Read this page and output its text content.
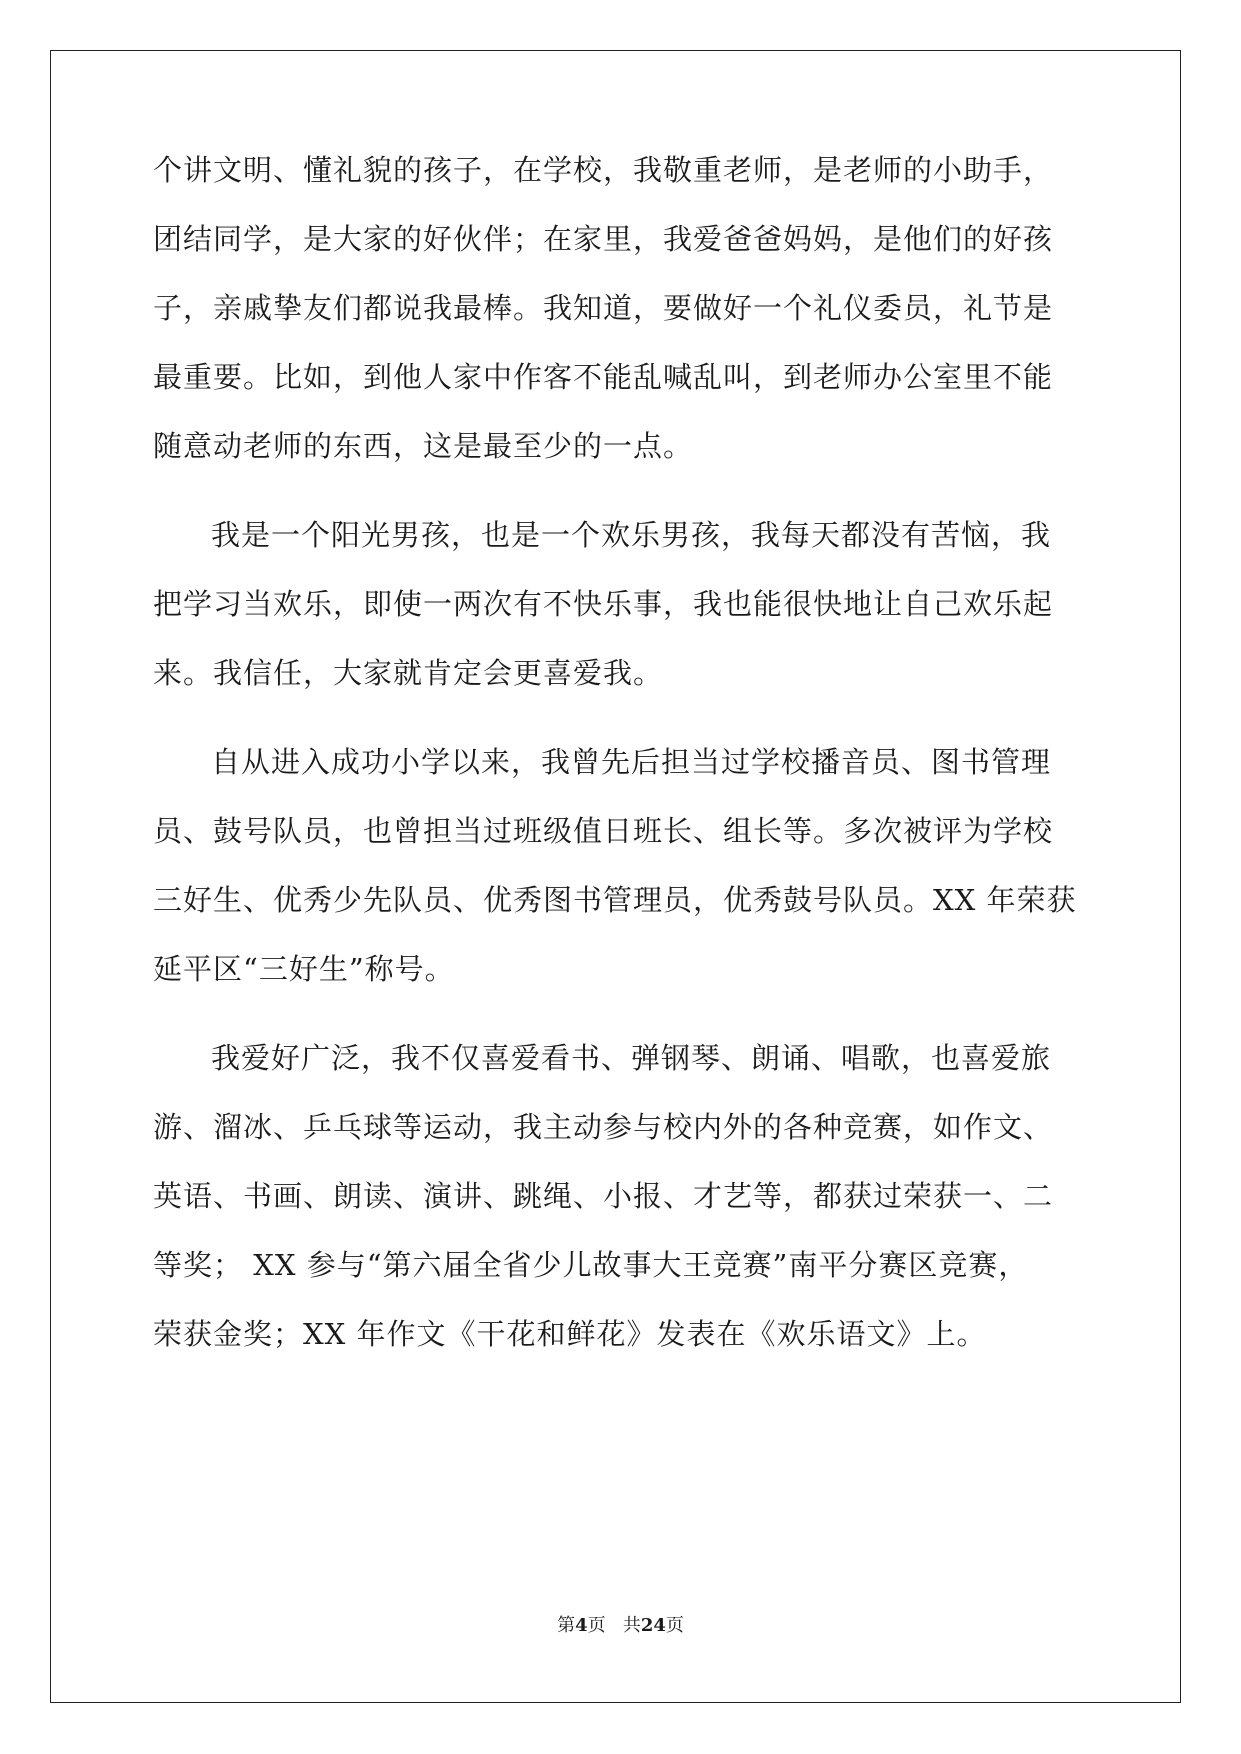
个讲文明、懂礼貌的孩子，在学校，我敬重老师，是老师的小助手，
团结同学，是大家的好伙伴；在家里，我爱爸爸妈妈，是他们的好孩
子，亲戚挚友们都说我最棒。我知道，要做好一个礼仪委员，礼节是
最重要。比如，到他人家中作客不能乱喊乱叫，到老师办公室里不能
随意动老师的东西，这是最至少的一点。
我是一个阳光男孩，也是一个欢乐男孩，我每天都没有苦恼，我
把学习当欢乐，即使一两次有不快乐事，我也能很快地让自己欢乐起
来。我信任，大家就肯定会更喜爱我。
自从进入成功小学以来，我曾先后担当过学校播音员、图书管理
员、鼓号队员，也曾担当过班级值日班长、组长等。多次被评为学校
三好生、优秀少先队员、优秀图书管理员，优秀鼓号队员。XX 年荣获
延平区“三好生”称号。
我爱好广泛，我不仅喜爱看书、弹钢琴、朗诵、唱歌，也喜爱旅
游、溜冰、乒乓球等运动，我主动参与校内外的各种竞赛，如作文、
英语、书画、朗读、演讲、跳绳、小报、才艺等，都获过荣获一、二
等奖； XX 参与“第六届全省少儿故事大王竞赛”南平分赛区竞赛，
荣获金奖；XX 年作文《干花和鲜花》发表在《欢乐语文》上。
第4页 共24页
